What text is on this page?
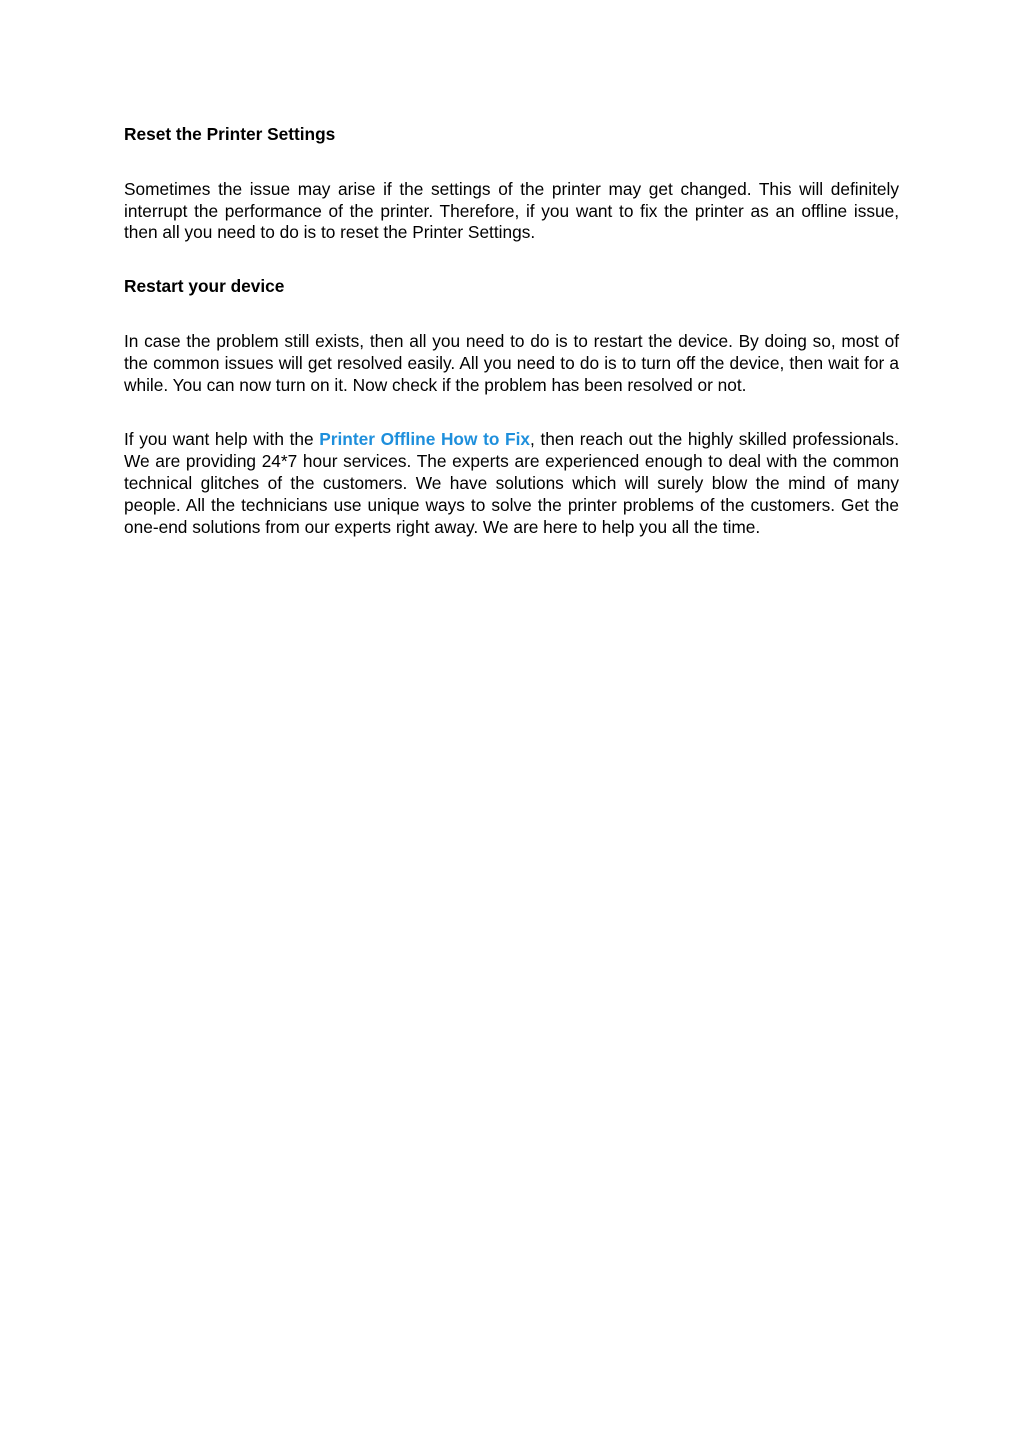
Reset the Printer Settings

Sometimes the issue may arise if the settings of the printer may get changed. This will definitely interrupt the performance of the printer. Therefore, if you want to fix the printer as an offline issue, then all you need to do is to reset the Printer Settings.

Restart your device

In case the problem still exists, then all you need to do is to restart the device. By doing so, most of the common issues will get resolved easily. All you need to do is to turn off the device, then wait for a while. You can now turn on it. Now check if the problem has been resolved or not.

If you want help with the Printer Offline How to Fix, then reach out the highly skilled professionals. We are providing 24*7 hour services. The experts are experienced enough to deal with the common technical glitches of the customers. We have solutions which will surely blow the mind of many people. All the technicians use unique ways to solve the printer problems of the customers. Get the one-end solutions from our experts right away. We are here to help you all the time.
